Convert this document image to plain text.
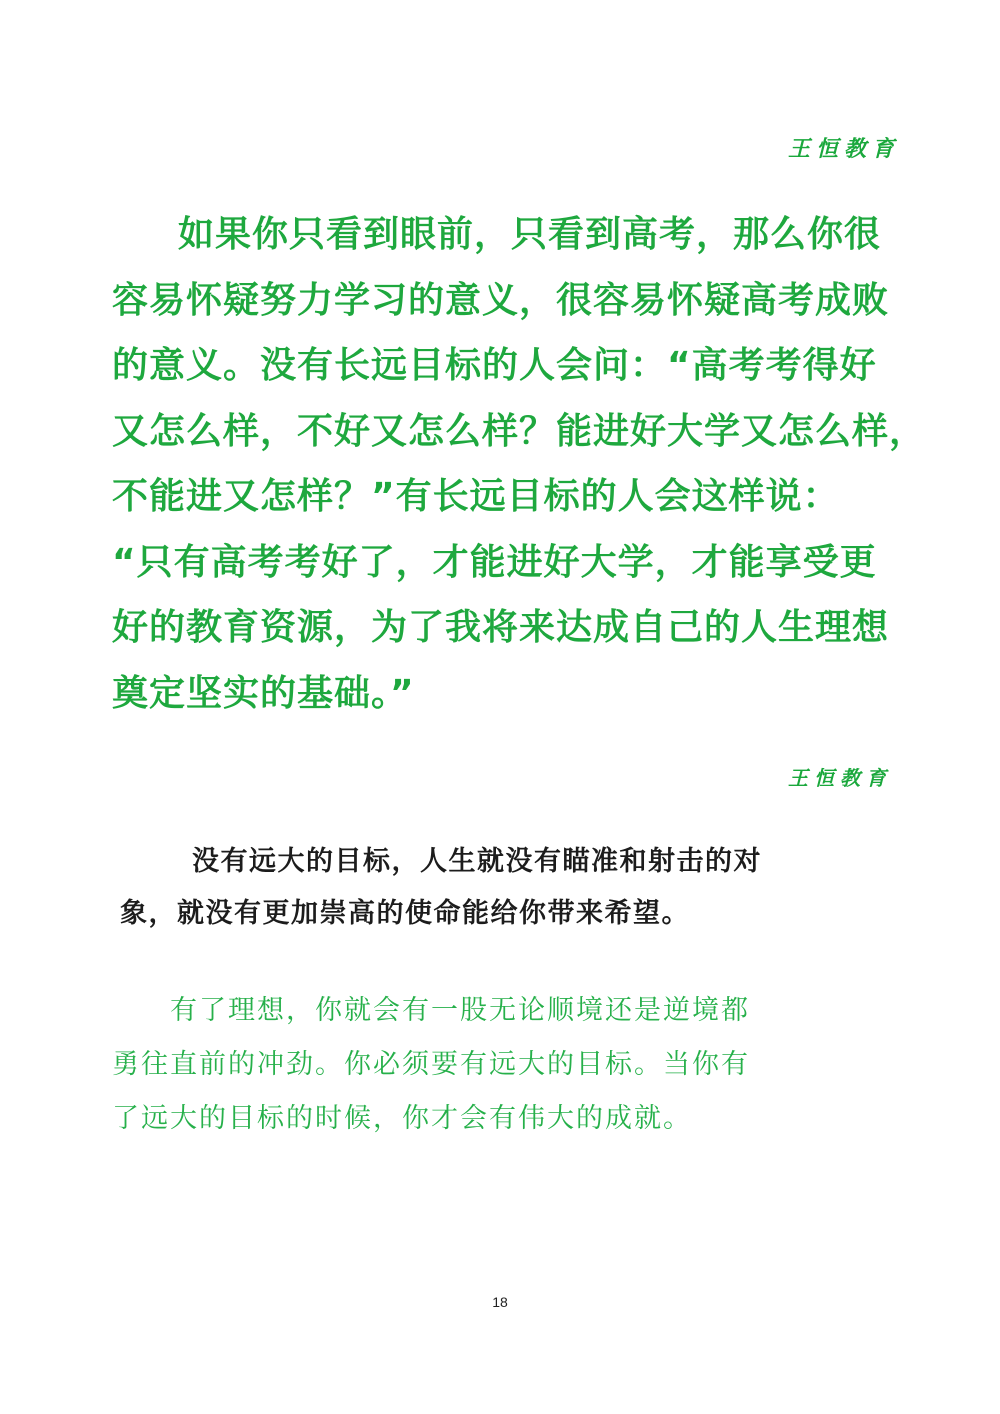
王恒教育

如果你只看到眼前，只看到高考，那么你很
容易怀疑努力学习的意义，很容易怀疑高考成败
的意义。没有长远目标的人会问：“高考考得好
又怎么样，不好又怎么样？能进好大学又怎么样，
不能进又怎样？”有长远目标的人会这样说：
“只有高考考好了，才能进好大学，才能享受更
好的教育资源，为了我将来达成自己的人生理想
奠定坚实的基础。”

王恒教育

没有远大的目标，人生就没有瞄准和射击的对
象，就没有更加崇高的使命能给你带来希望。

有了理想，你就会有一股无论顺境还是逆境都
勇往直前的冲劲。你必须要有远大的目标。当你有
了远大的目标的时候，你才会有伟大的成就。

18
